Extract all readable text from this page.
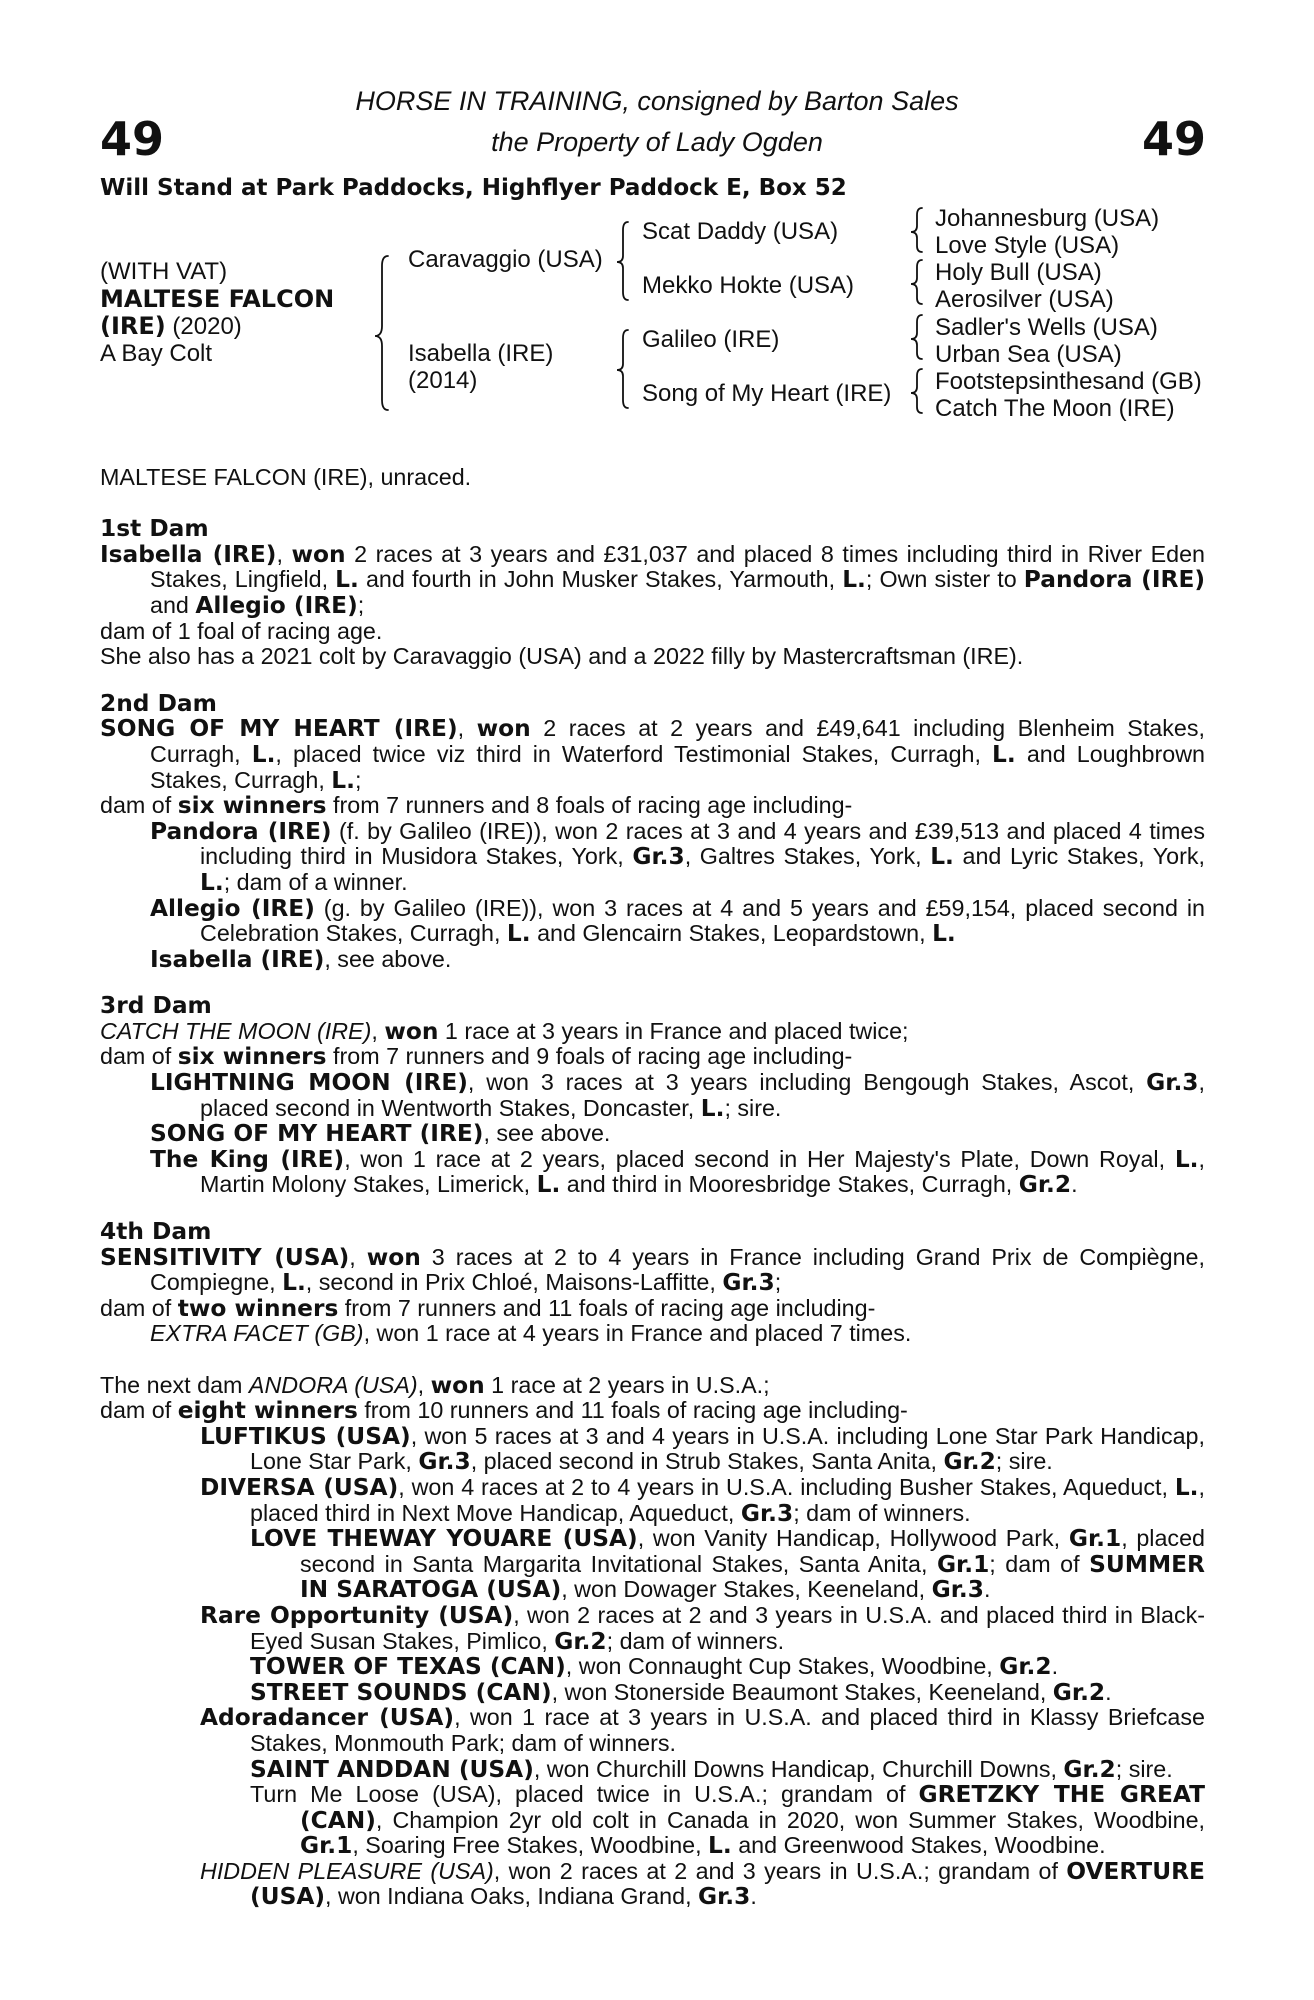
49	49
HORSE IN TRAINING, consigned by Barton Sales
the Property of Lady Ogden
Will Stand at Park Paddocks, Highflyer Paddock E, Box 52
(WITH VAT)
MALTESE FALCON
(IRE) (2020)
A Bay Colt
Caravaggio (USA)
Isabella (IRE)
(2014)
Scat Daddy (USA)
Mekko Hokte (USA)
Galileo (IRE)
Song of My Heart (IRE)
Johannesburg (USA)
Love Style (USA)
Holy Bull (USA)
Aerosilver (USA)
Sadler's Wells (USA)
Urban Sea (USA)
Footstepsinthesand (GB)
Catch The Moon (IRE)
MALTESE FALCON (IRE), unraced.
1st Dam
Isabella (IRE), won 2 races at 3 years and £31,037 and placed 8 times including third in River Eden Stakes, Lingfield, L. and fourth in John Musker Stakes, Yarmouth, L.; Own sister to Pandora (IRE) and Allegio (IRE);
dam of 1 foal of racing age.
She also has a 2021 colt by Caravaggio (USA) and a 2022 filly by Mastercraftsman (IRE).
2nd Dam
SONG OF MY HEART (IRE), won 2 races at 2 years and £49,641 including Blenheim Stakes, Curragh, L., placed twice viz third in Waterford Testimonial Stakes, Curragh, L. and Loughbrown Stakes, Curragh, L.;
dam of six winners from 7 runners and 8 foals of racing age including-
Pandora (IRE) (f. by Galileo (IRE)), won 2 races at 3 and 4 years and £39,513 and placed 4 times including third in Musidora Stakes, York, Gr.3, Galtres Stakes, York, L. and Lyric Stakes, York, L.; dam of a winner.
Allegio (IRE) (g. by Galileo (IRE)), won 3 races at 4 and 5 years and £59,154, placed second in Celebration Stakes, Curragh, L. and Glencairn Stakes, Leopardstown, L.
Isabella (IRE), see above.
3rd Dam
CATCH THE MOON (IRE), won 1 race at 3 years in France and placed twice;
dam of six winners from 7 runners and 9 foals of racing age including-
LIGHTNING MOON (IRE), won 3 races at 3 years including Bengough Stakes, Ascot, Gr.3, placed second in Wentworth Stakes, Doncaster, L.; sire.
SONG OF MY HEART (IRE), see above.
The King (IRE), won 1 race at 2 years, placed second in Her Majesty's Plate, Down Royal, L., Martin Molony Stakes, Limerick, L. and third in Mooresbridge Stakes, Curragh, Gr.2.
4th Dam
SENSITIVITY (USA), won 3 races at 2 to 4 years in France including Grand Prix de Compiègne, Compiegne, L., second in Prix Chloé, Maisons-Laffitte, Gr.3;
dam of two winners from 7 runners and 11 foals of racing age including-
EXTRA FACET (GB), won 1 race at 4 years in France and placed 7 times.
The next dam ANDORA (USA), won 1 race at 2 years in U.S.A.;
dam of eight winners from 10 runners and 11 foals of racing age including-
LUFTIKUS (USA), won 5 races at 3 and 4 years in U.S.A. including Lone Star Park Handicap, Lone Star Park, Gr.3, placed second in Strub Stakes, Santa Anita, Gr.2; sire.
DIVERSA (USA), won 4 races at 2 to 4 years in U.S.A. including Busher Stakes, Aqueduct, L., placed third in Next Move Handicap, Aqueduct, Gr.3; dam of winners.
LOVE THEWAY YOUARE (USA), won Vanity Handicap, Hollywood Park, Gr.1, placed second in Santa Margarita Invitational Stakes, Santa Anita, Gr.1; dam of SUMMER IN SARATOGA (USA), won Dowager Stakes, Keeneland, Gr.3.
Rare Opportunity (USA), won 2 races at 2 and 3 years in U.S.A. and placed third in Black-Eyed Susan Stakes, Pimlico, Gr.2; dam of winners.
TOWER OF TEXAS (CAN), won Connaught Cup Stakes, Woodbine, Gr.2.
STREET SOUNDS (CAN), won Stonerside Beaumont Stakes, Keeneland, Gr.2.
Adoradancer (USA), won 1 race at 3 years in U.S.A. and placed third in Klassy Briefcase Stakes, Monmouth Park; dam of winners.
SAINT ANDDAN (USA), won Churchill Downs Handicap, Churchill Downs, Gr.2; sire.
Turn Me Loose (USA), placed twice in U.S.A.; grandam of GRETZKY THE GREAT (CAN), Champion 2yr old colt in Canada in 2020, won Summer Stakes, Woodbine, Gr.1, Soaring Free Stakes, Woodbine, L. and Greenwood Stakes, Woodbine.
HIDDEN PLEASURE (USA), won 2 races at 2 and 3 years in U.S.A.; grandam of OVERTURE (USA), won Indiana Oaks, Indiana Grand, Gr.3.
